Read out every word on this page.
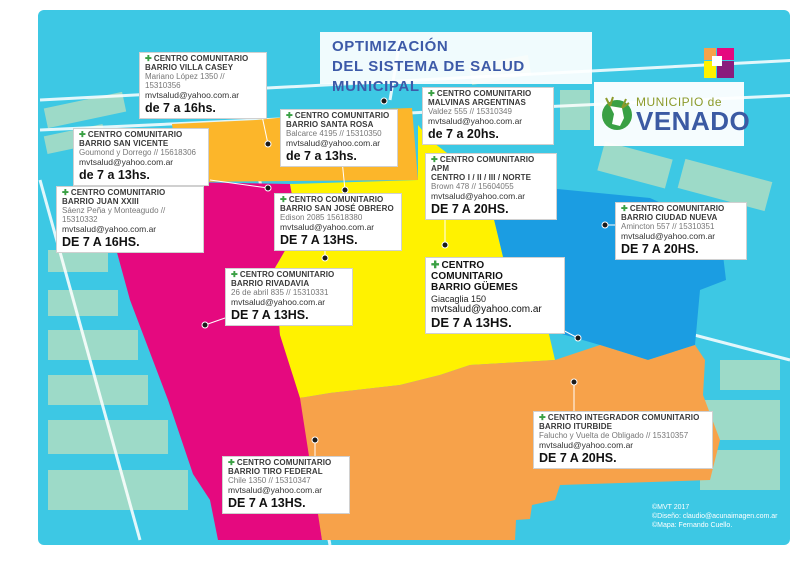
OPTIMIZACIÓN
DEL SISTEMA DE SALUD MUNICIPAL
MUNICIPIO de
VENADO
✚ CENTRO COMUNITARIO
BARRIO VILLA CASEY
Mariano López 1350 // 15310356
mvtsalud@yahoo.com.ar
de 7 a 16hs.
✚ CENTRO COMUNITARIO
BARRIO SANTA ROSA
Balcarce 4195 // 15310350
mvtsalud@yahoo.com.ar
de 7 a 13hs.
✚ CENTRO COMUNITARIO
MALVINAS ARGENTINAS
Valdez 555 // 15310349
mvtsalud@yahoo.com.ar
de 7 a 20hs.
✚ CENTRO COMUNITARIO
BARRIO SAN VICENTE
Goumond y Dorrego // 15618306
mvtsalud@yahoo.com.ar
de 7 a 13hs.
✚ CENTRO COMUNITARIO APM
CENTRO I / II / III / NORTE
Brown 478 // 15604055
mvtsalud@yahoo.com.ar
DE 7 A 20HS.
✚ CENTRO COMUNITARIO
BARRIO JUAN XXIII
Sáenz Peña y Monteagudo // 15310332
mvtsalud@yahoo.com.ar
DE 7 A 16HS.
✚ CENTRO COMUNITARIO
BARRIO SAN JOSÉ OBRERO
Edison 2085 15618380
mvtsalud@yahoo.com.ar
DE 7 A 13HS.
✚ CENTRO COMUNITARIO
BARRIO CIUDAD NUEVA
Amincton 557 // 15310351
mvtsalud@yahoo.com.ar
DE 7 A 20HS.
✚ CENTRO COMUNITARIO
BARRIO GÜEMES
Giacaglia 150
mvtsalud@yahoo.com.ar
DE 7 A 13HS.
✚ CENTRO COMUNITARIO
BARRIO RIVADAVIA
26 de abril 835 // 15310331
mvtsalud@yahoo.com.ar
DE 7 A 13HS.
✚ CENTRO INTEGRADOR COMUNITARIO
BARRIO ITURBIDE
Falucho y Vuelta de Obligado // 15310357
mvtsalud@yahoo.com.ar
DE 7 A 20HS.
✚ CENTRO COMUNITARIO
BARRIO TIRO FEDERAL
Chile 1350 // 15310347
mvtsalud@yahoo.com.ar
DE 7 A 13HS.	©MVT 2017
©Diseño: claudio@acunaimagen.com.ar
©Mapa: Fernando Cuello.
